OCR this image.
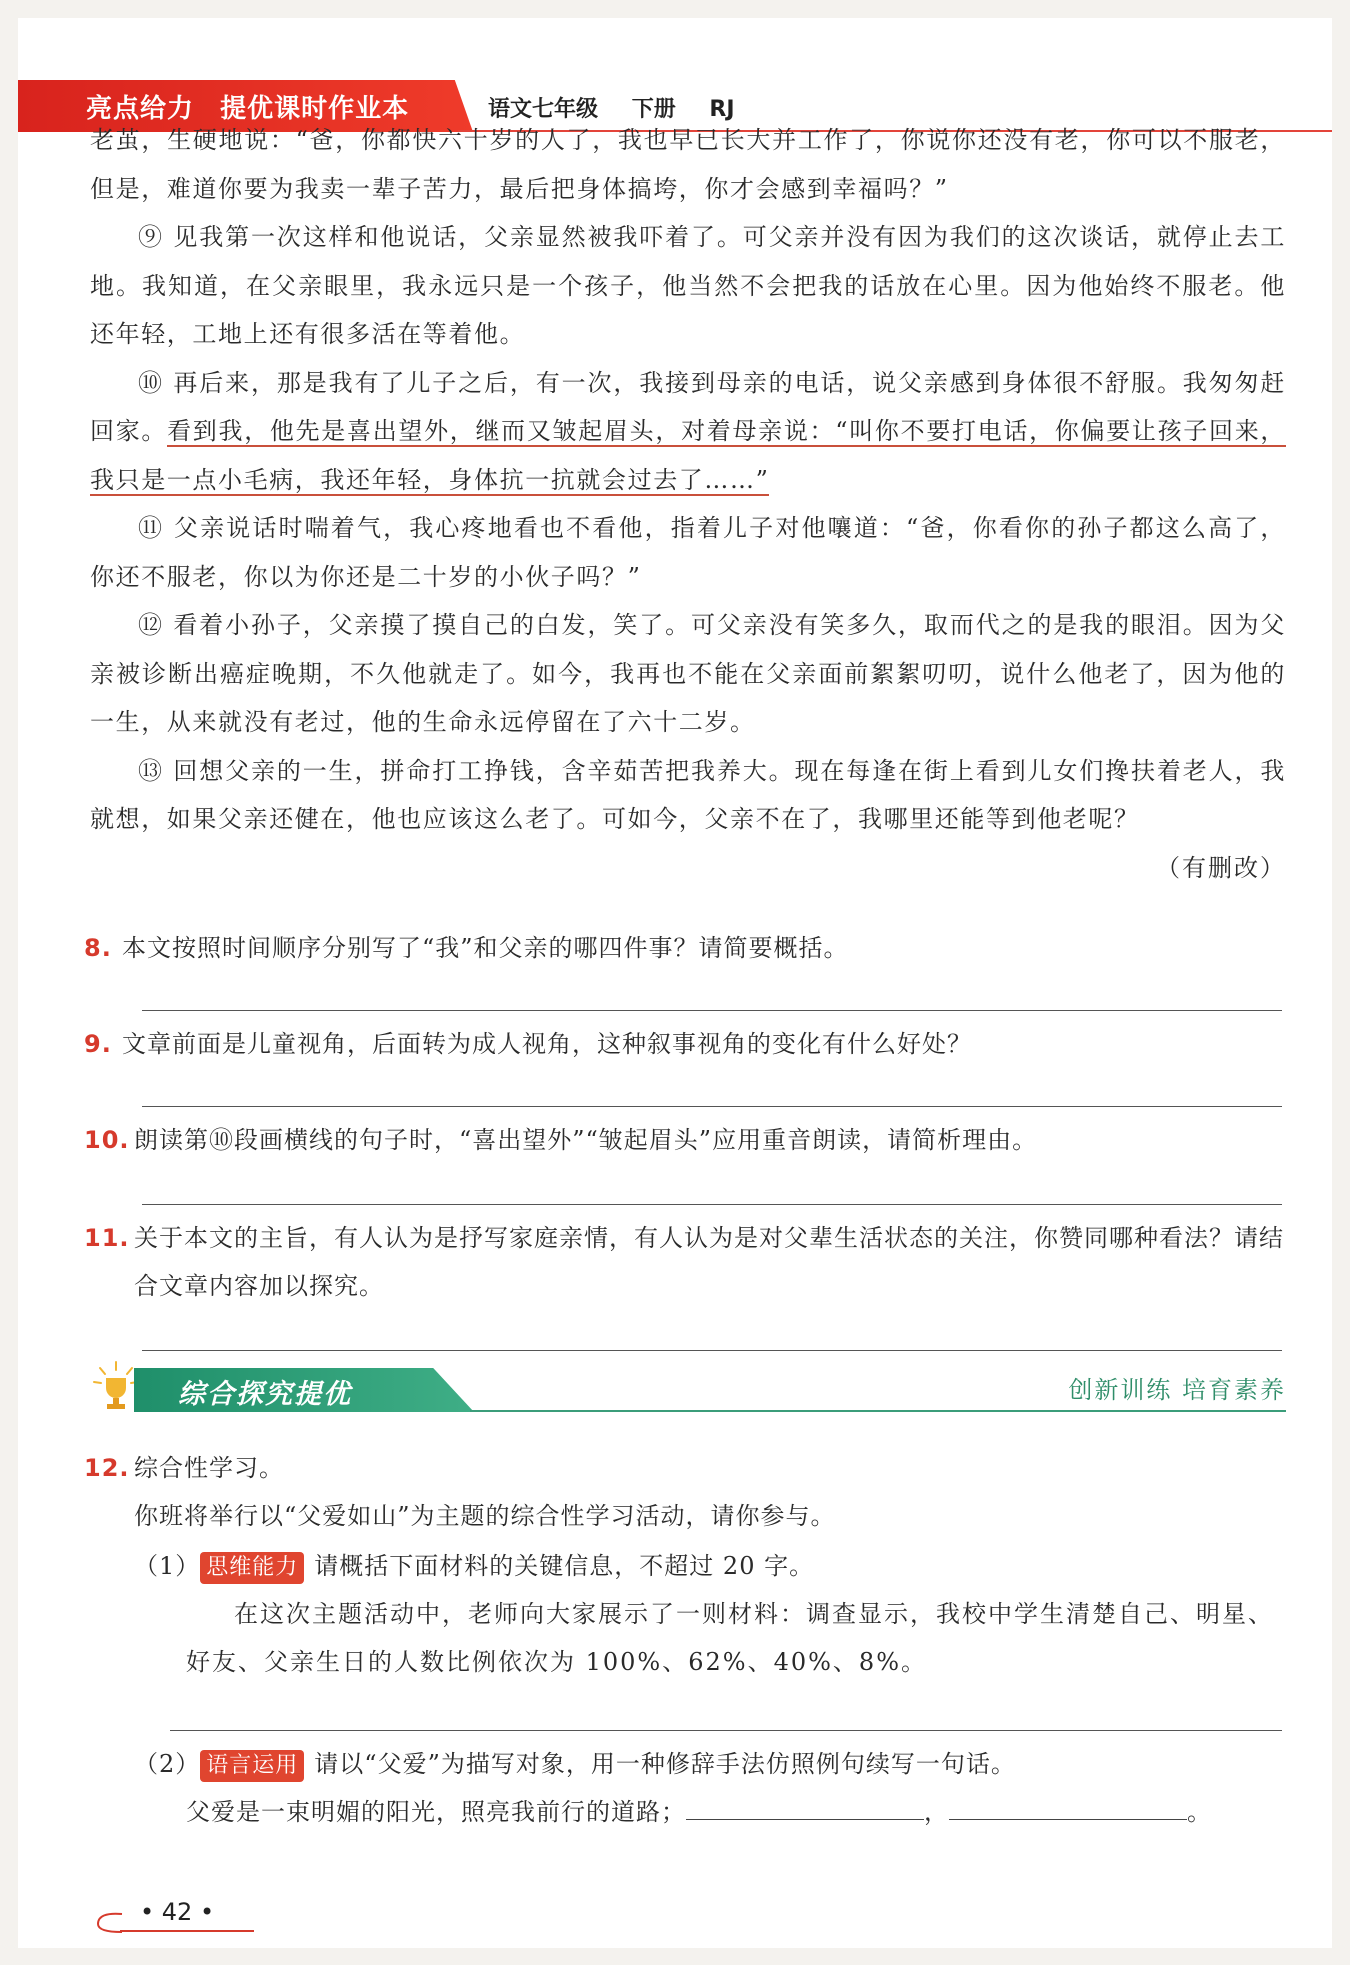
亮点给力 提优课时作业本	语文七年级 下册 RJ

老茧，生硬地说：“爸，你都快六十岁的人了，我也早已长大并工作了，你说你还没有老，你可以不服老，但是，难道你要为我卖一辈子苦力，最后把身体搞垮，你才会感到幸福吗？”

⑨ 见我第一次这样和他说话，父亲显然被我吓着了。可父亲并没有因为我们的这次谈话，就停止去工地。我知道，在父亲眼里，我永远只是一个孩子，他当然不会把我的话放在心里。因为他始终不服老。他还年轻，工地上还有很多活在等着他。

⑩ 再后来，那是我有了儿子之后，有一次，我接到母亲的电话，说父亲感到身体很不舒服。我匆匆赶回家。看到我，他先是喜出望外，继而又皱起眉头，对着母亲说：“叫你不要打电话，你偏要让孩子回来，我只是一点小毛病，我还年轻，身体抗一抗就会过去了……”

⑪ 父亲说话时喘着气，我心疼地看也不看他，指着儿子对他嚷道：“爸，你看你的孙子都这么高了，你还不服老，你以为你还是二十岁的小伙子吗？”

⑫ 看着小孙子，父亲摸了摸自己的白发，笑了。可父亲没有笑多久，取而代之的是我的眼泪。因为父亲被诊断出癌症晚期，不久他就走了。如今，我再也不能在父亲面前絮絮叨叨，说什么他老了，因为他的一生，从来就没有老过，他的生命永远停留在了六十二岁。

⑬ 回想父亲的一生，拼命打工挣钱，含辛茹苦把我养大。现在每逢在街上看到儿女们搀扶着老人，我就想，如果父亲还健在，他也应该这么老了。可如今，父亲不在了，我哪里还能等到他老呢？
（有删改）

8. 本文按照时间顺序分别写了“我”和父亲的哪四件事？请简要概括。
9. 文章前面是儿童视角，后面转为成人视角，这种叙事视角的变化有什么好处？
10. 朗读第⑩段画横线的句子时，“喜出望外”“皱起眉头”应用重音朗读，请简析理由。
11. 关于本文的主旨，有人认为是抒写家庭亲情，有人认为是对父辈生活状态的关注，你赞同哪种看法？请结合文章内容加以探究。
综合探究提优	创新训练 培育素养
12. 综合性学习。
你班将举行以“父爱如山”为主题的综合性学习活动，请你参与。
（1） 思维能力 请概括下面材料的关键信息，不超过 20 字。
在这次主题活动中，老师向大家展示了一则材料：调查显示，我校中学生清楚自己、明星、好友、父亲生日的人数比例依次为 100%、62%、40%、8%。
（2） 语言运用 请以“父爱”为描写对象，用一种修辞手法仿照例句续写一句话。
父爱是一束明媚的阳光，照亮我前行的道路；	，	。
• 42 •
